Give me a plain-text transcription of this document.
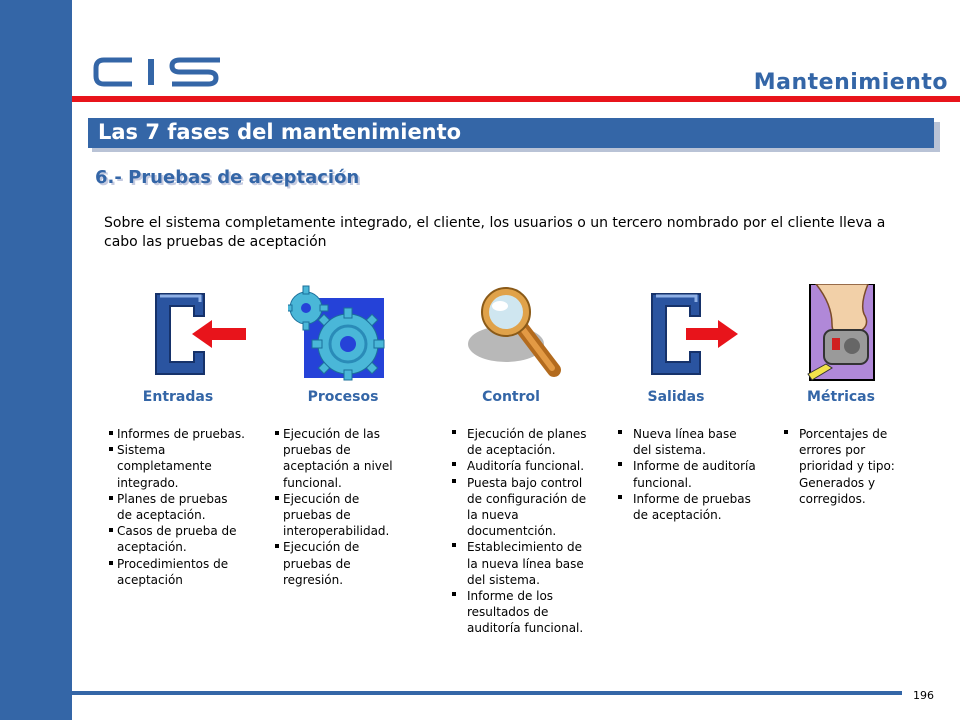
Mantenimiento
Las 7 fases del mantenimiento
6.- Pruebas de aceptación
Sobre el sistema completamente integrado, el cliente, los usuarios o un tercero nombrado por el cliente lleva a cabo las pruebas de aceptación
Entradas	Procesos	Control	Salidas	Métricas
Informes de pruebas.
Sistema completamente integrado.
Planes de pruebas de aceptación.
Casos de prueba de aceptación.
Procedimientos de aceptación
Ejecución de las pruebas de aceptación a nivel funcional.
Ejecución de pruebas de interoperabilidad.
Ejecución de pruebas de regresión.
Ejecución de planes de aceptación.
Auditoría funcional.
Puesta bajo control de configuración de la nueva documentción.
Establecimiento de la nueva línea base del sistema.
Informe de los resultados de auditoría funcional.
Nueva línea base del sistema.
Informe de auditoría funcional.
Informe de pruebas de aceptación.
Porcentajes de errores por prioridad y tipo: Generados y corregidos.
196
